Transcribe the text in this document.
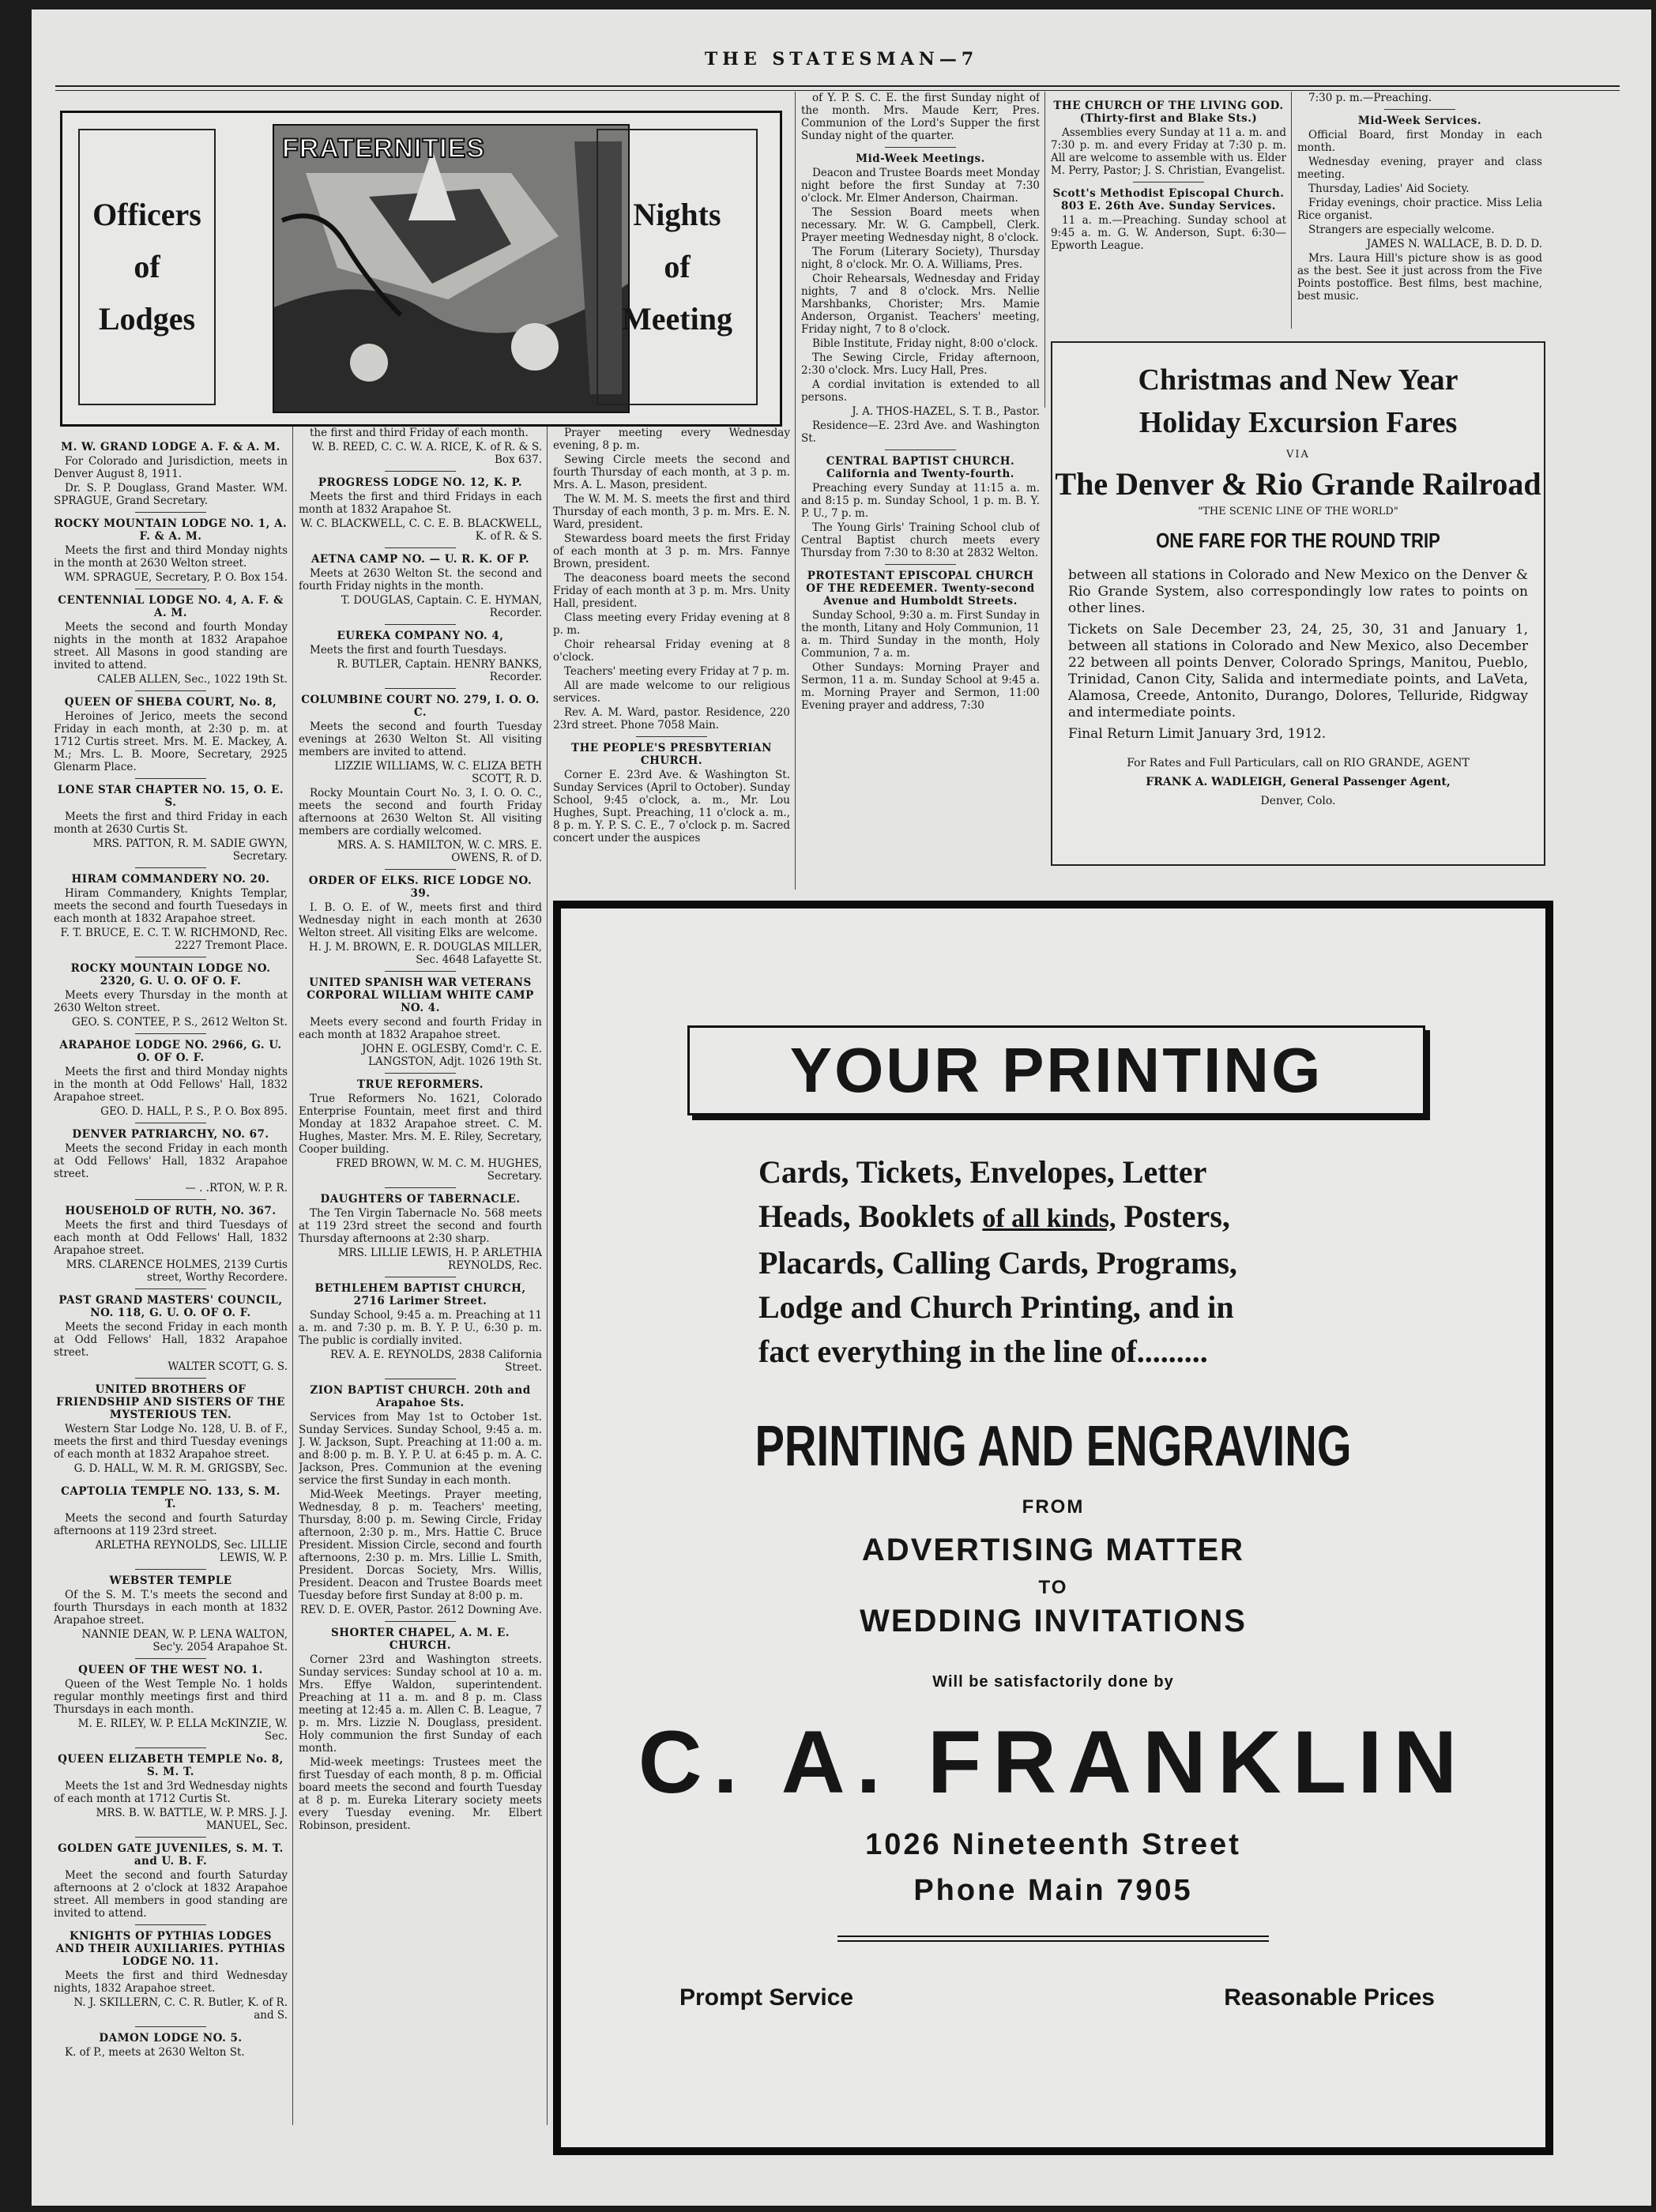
THE STATESMAN—7
Officers
of
Lodges
FRATERNITIES
Nights
of
Meeting

M. W. GRAND LODGE A. F. & A. M.

For Colorado and Jurisdiction, meets in Denver August 8, 1911.

Dr. S. P. Douglass, Grand Master. WM. SPRAGUE, Grand Secretary.

ROCKY MOUNTAIN LODGE NO. 1, A. F. & A. M.

Meets the first and third Monday nights in the month at 2630 Welton street.

WM. SPRAGUE, Secretary, P. O. Box 154.

CENTENNIAL LODGE NO. 4, A. F. & A. M.

Meets the second and fourth Monday nights in the month at 1832 Arapahoe street. All Masons in good standing are invited to attend.

CALEB ALLEN, Sec., 1022 19th St.

QUEEN OF SHEBA COURT, No. 8,

Heroines of Jerico, meets the second Friday in each month, at 2:30 p. m. at 1712 Curtis street. Mrs. M. E. Mackey, A. M.; Mrs. L. B. Moore, Secretary, 2925 Glenarm Place.

LONE STAR CHAPTER NO. 15, O. E. S.

Meets the first and third Friday in each month at 2630 Curtis St.

MRS. PATTON, R. M. SADIE GWYN, Secretary.

HIRAM COMMANDERY NO. 20.

Hiram Commandery, Knights Templar, meets the second and fourth Tuesedays in each month at 1832 Arapahoe street.

F. T. BRUCE, E. C. T. W. RICHMOND, Rec. 2227 Tremont Place.

ROCKY MOUNTAIN LODGE NO. 2320, G. U. O. OF O. F.

Meets every Thursday in the month at 2630 Welton street.

GEO. S. CONTEE, P. S., 2612 Welton St.

ARAPAHOE LODGE NO. 2966, G. U. O. OF O. F.

Meets the first and third Monday nights in the month at Odd Fellows' Hall, 1832 Arapahoe street.

GEO. D. HALL, P. S., P. O. Box 895.

DENVER PATRIARCHY, NO. 67.

Meets the second Friday in each month at Odd Fellows' Hall, 1832 Arapahoe street.

— . .RTON, W. P. R.

HOUSEHOLD OF RUTH, NO. 367.

Meets the first and third Tuesdays of each month at Odd Fellows' Hall, 1832 Arapahoe street.

MRS. CLARENCE HOLMES, 2139 Curtis street, Worthy Recordere.

PAST GRAND MASTERS' COUNCIL, NO. 118, G. U. O. OF O. F.

Meets the second Friday in each month at Odd Fellows' Hall, 1832 Arapahoe street.

WALTER SCOTT, G. S.

UNITED BROTHERS OF FRIENDSHIP AND SISTERS OF THE MYSTERIOUS TEN.

Western Star Lodge No. 128, U. B. of F., meets the first and third Tuesday evenings of each month at 1832 Arapahoe street.

G. D. HALL, W. M. R. M. GRIGSBY, Sec.

CAPTOLIA TEMPLE NO. 133, S. M. T.

Meets the second and fourth Saturday afternoons at 119 23rd street.

ARLETHA REYNOLDS, Sec. LILLIE LEWIS, W. P.

WEBSTER TEMPLE

Of the S. M. T.'s meets the second and fourth Thursdays in each month at 1832 Arapahoe street.

NANNIE DEAN, W. P. LENA WALTON, Sec'y. 2054 Arapahoe St.

QUEEN OF THE WEST NO. 1.

Queen of the West Temple No. 1 holds regular monthly meetings first and third Thursdays in each month.

M. E. RILEY, W. P. ELLA McKINZIE, W. Sec.

QUEEN ELIZABETH TEMPLE No. 8, S. M. T.

Meets the 1st and 3rd Wednesday nights of each month at 1712 Curtis St.

MRS. B. W. BATTLE, W. P. MRS. J. J. MANUEL, Sec.

GOLDEN GATE JUVENILES, S. M. T. and U. B. F.

Meet the second and fourth Saturday afternoons at 2 o'clock at 1832 Arapahoe street. All members in good standing are invited to attend.

KNIGHTS OF PYTHIAS LODGES AND THEIR AUXILIARIES. PYTHIAS LODGE NO. 11.

Meets the first and third Wednesday nights, 1832 Arapahoe street.

N. J. SKILLERN, C. C. R. Butler, K. of R. and S.

DAMON LODGE NO. 5.

K. of P., meets at 2630 Welton St.

the first and third Friday of each month.

W. B. REED, C. C. W. A. RICE, K. of R. & S. Box 637.

PROGRESS LODGE NO. 12, K. P.

Meets the first and third Fridays in each month at 1832 Arapahoe St.

W. C. BLACKWELL, C. C. E. B. BLACKWELL, K. of R. & S.

AETNA CAMP NO. — U. R. K. OF P.

Meets at 2630 Welton St. the second and fourth Friday nights in the month.

T. DOUGLAS, Captain. C. E. HYMAN, Recorder.

EUREKA COMPANY NO. 4,

Meets the first and fourth Tuesdays.

R. BUTLER, Captain. HENRY BANKS, Recorder.

COLUMBINE COURT NO. 279, I. O. O. C.

Meets the second and fourth Tuesday evenings at 2630 Welton St. All visiting members are invited to attend.

LIZZIE WILLIAMS, W. C. ELIZA BETH SCOTT, R. D.

Rocky Mountain Court No. 3, I. O. O. C., meets the second and fourth Friday afternoons at 2630 Welton St. All visiting members are cordially welcomed.

MRS. A. S. HAMILTON, W. C. MRS. E. OWENS, R. of D.

ORDER OF ELKS. RICE LODGE NO. 39.

I. B. O. E. of W., meets first and third Wednesday night in each month at 2630 Welton street. All visiting Elks are welcome.

H. J. M. BROWN, E. R. DOUGLAS MILLER, Sec. 4648 Lafayette St.

UNITED SPANISH WAR VETERANS CORPORAL WILLIAM WHITE CAMP NO. 4.

Meets every second and fourth Friday in each month at 1832 Arapahoe street.

JOHN E. OGLESBY, Comd'r. C. E. LANGSTON, Adjt. 1026 19th St.

TRUE REFORMERS.

True Reformers No. 1621, Colorado Enterprise Fountain, meet first and third Monday at 1832 Arapahoe street. C. M. Hughes, Master. Mrs. M. E. Riley, Secretary, Cooper building.

FRED BROWN, W. M. C. M. HUGHES, Secretary.

DAUGHTERS OF TABERNACLE.

The Ten Virgin Tabernacle No. 568 meets at 119 23rd street the second and fourth Thursday afternoons at 2:30 sharp.

MRS. LILLIE LEWIS, H. P. ARLETHIA REYNOLDS, Rec.

BETHLEHEM BAPTIST CHURCH, 2716 Larimer Street.

Sunday School, 9:45 a. m. Preaching at 11 a. m. and 7:30 p. m. B. Y. P. U., 6:30 p. m. The public is cordially invited.

REV. A. E. REYNOLDS, 2838 California Street.

ZION BAPTIST CHURCH. 20th and Arapahoe Sts.

Services from May 1st to October 1st. Sunday Services. Sunday School, 9:45 a. m. J. W. Jackson, Supt. Preaching at 11:00 a. m. and 8:00 p. m. B. Y. P. U. at 6:45 p. m. A. C. Jackson, Pres. Communion at the evening service the first Sunday in each month.

Mid-Week Meetings. Prayer meeting, Wednesday, 8 p. m. Teachers' meeting, Thursday, 8:00 p. m. Sewing Circle, Friday afternoon, 2:30 p. m., Mrs. Hattie C. Bruce President. Mission Circle, second and fourth afternoons, 2:30 p. m. Mrs. Lillie L. Smith, President. Dorcas Society, Mrs. Willis, President. Deacon and Trustee Boards meet Tuesday before first Sunday at 8:00 p. m.

REV. D. E. OVER, Pastor. 2612 Downing Ave.

SHORTER CHAPEL, A. M. E. CHURCH.

Corner 23rd and Washington streets. Sunday services: Sunday school at 10 a. m. Mrs. Effye Waldon, superintendent. Preaching at 11 a. m. and 8 p. m. Class meeting at 12:45 a. m. Allen C. B. League, 7 p. m. Mrs. Lizzie N. Douglass, president. Holy communion the first Sunday of each month.

Mid-week meetings: Trustees meet the first Tuesday of each month, 8 p. m. Official board meets the second and fourth Tuesday at 8 p. m. Eureka Literary society meets every Tuesday evening. Mr. Elbert Robinson, president.

Prayer meeting every Wednesday evening, 8 p. m.

Sewing Circle meets the second and fourth Thursday of each month, at 3 p. m. Mrs. A. L. Mason, president.

The W. M. M. S. meets the first and third Thursday of each month, 3 p. m. Mrs. E. N. Ward, president.

Stewardess board meets the first Friday of each month at 3 p. m. Mrs. Fannye Brown, president.

The deaconess board meets the second Friday of each month at 3 p. m. Mrs. Unity Hall, president.

Class meeting every Friday evening at 8 p. m.

Choir rehearsal Friday evening at 8 o'clock.

Teachers' meeting every Friday at 7 p. m.

All are made welcome to our religious services.

Rev. A. M. Ward, pastor. Residence, 220 23rd street. Phone 7058 Main.

THE PEOPLE'S PRESBYTERIAN CHURCH.

Corner E. 23rd Ave. & Washington St. Sunday Services (April to October). Sunday School, 9:45 o'clock, a. m., Mr. Lou Hughes, Supt. Preaching, 11 o'clock a. m., 8 p. m. Y. P. S. C. E., 7 o'clock p. m. Sacred concert under the auspices

of Y. P. S. C. E. the first Sunday night of the month. Mrs. Maude Kerr, Pres. Communion of the Lord's Supper the first Sunday night of the quarter.

Mid-Week Meetings.

Deacon and Trustee Boards meet Monday night before the first Sunday at 7:30 o'clock. Mr. Elmer Anderson, Chairman.

The Session Board meets when necessary. Mr. W. G. Campbell, Clerk. Prayer meeting Wednesday night, 8 o'clock.

The Forum (Literary Society), Thursday night, 8 o'clock. Mr. O. A. Williams, Pres.

Choir Rehearsals, Wednesday and Friday nights, 7 and 8 o'clock. Mrs. Nellie Marshbanks, Chorister; Mrs. Mamie Anderson, Organist. Teachers' meeting, Friday night, 7 to 8 o'clock.

Bible Institute, Friday night, 8:00 o'clock.

The Sewing Circle, Friday afternoon, 2:30 o'clock. Mrs. Lucy Hall, Pres.

A cordial invitation is extended to all persons.

J. A. THOS-HAZEL, S. T. B., Pastor.

Residence—E. 23rd Ave. and Washington St.

CENTRAL BAPTIST CHURCH. California and Twenty-fourth.

Preaching every Sunday at 11:15 a. m. and 8:15 p. m. Sunday School, 1 p. m. B. Y. P. U., 7 p. m.

The Young Girls' Training School club of Central Baptist church meets every Thursday from 7:30 to 8:30 at 2832 Welton.

PROTESTANT EPISCOPAL CHURCH OF THE REDEEMER. Twenty-second Avenue and Humboldt Streets.

Sunday School, 9:30 a. m. First Sunday in the month, Litany and Holy Communion, 11 a. m. Third Sunday in the month, Holy Communion, 7 a. m.

Other Sundays: Morning Prayer and Sermon, 11 a. m. Sunday School at 9:45 a. m. Morning Prayer and Sermon, 11:00 Evening prayer and address, 7:30

THE CHURCH OF THE LIVING GOD. (Thirty-first and Blake Sts.)

Assemblies every Sunday at 11 a. m. and 7:30 p. m. and every Friday at 7:30 p. m. All are welcome to assemble with us. Elder M. Perry, Pastor; J. S. Christian, Evangelist.

Scott's Methodist Episcopal Church. 803 E. 26th Ave. Sunday Services.

11 a. m.—Preaching. Sunday school at 9:45 a. m. G. W. Anderson, Supt. 6:30—Epworth League.

7:30 p. m.—Preaching.

Mid-Week Services.

Official Board, first Monday in each month.

Wednesday evening, prayer and class meeting.

Thursday, Ladies' Aid Society.

Friday evenings, choir practice. Miss Lelia Rice organist.

Strangers are especially welcome.

JAMES N. WALLACE, B. D. D. D.

Mrs. Laura Hill's picture show is as good as the best. See it just across from the Five Points postoffice. Best films, best machine, best music.

Christmas and New Year
Holiday Excursion Fares
VIA
The Denver & Rio Grande Railroad
"THE SCENIC LINE OF THE WORLD"
ONE FARE FOR THE ROUND TRIP

between all stations in Colorado and New Mexico on the Denver & Rio Grande System, also correspondingly low rates to points on other lines.

Tickets on Sale December 23, 24, 25, 30, 31 and January 1, between all stations in Colorado and New Mexico, also December 22 between all points Denver, Colorado Springs, Manitou, Pueblo, Trinidad, Canon City, Salida and intermediate points, and LaVeta, Alamosa, Creede, Antonito, Durango, Dolores, Telluride, Ridgway and intermediate points.

Final Return Limit January 3rd, 1912.

For Rates and Full Particulars, call on RIO GRANDE, AGENT
FRANK A. WADLEIGH, General Passenger Agent,
Denver, Colo.
YOUR PRINTING
Cards, Tickets, Envelopes, Letter
Heads, Booklets of all kinds, Posters,
Placards, Calling Cards, Programs,
Lodge and Church Printing, and in
fact everything in the line of.........
PRINTING AND ENGRAVING
FROM
ADVERTISING MATTER
TO
WEDDING INVITATIONS
Will be satisfactorily done by
C. A. FRANKLIN
1026 Nineteenth Street
Phone Main 7905
Prompt Service	Reasonable Prices
